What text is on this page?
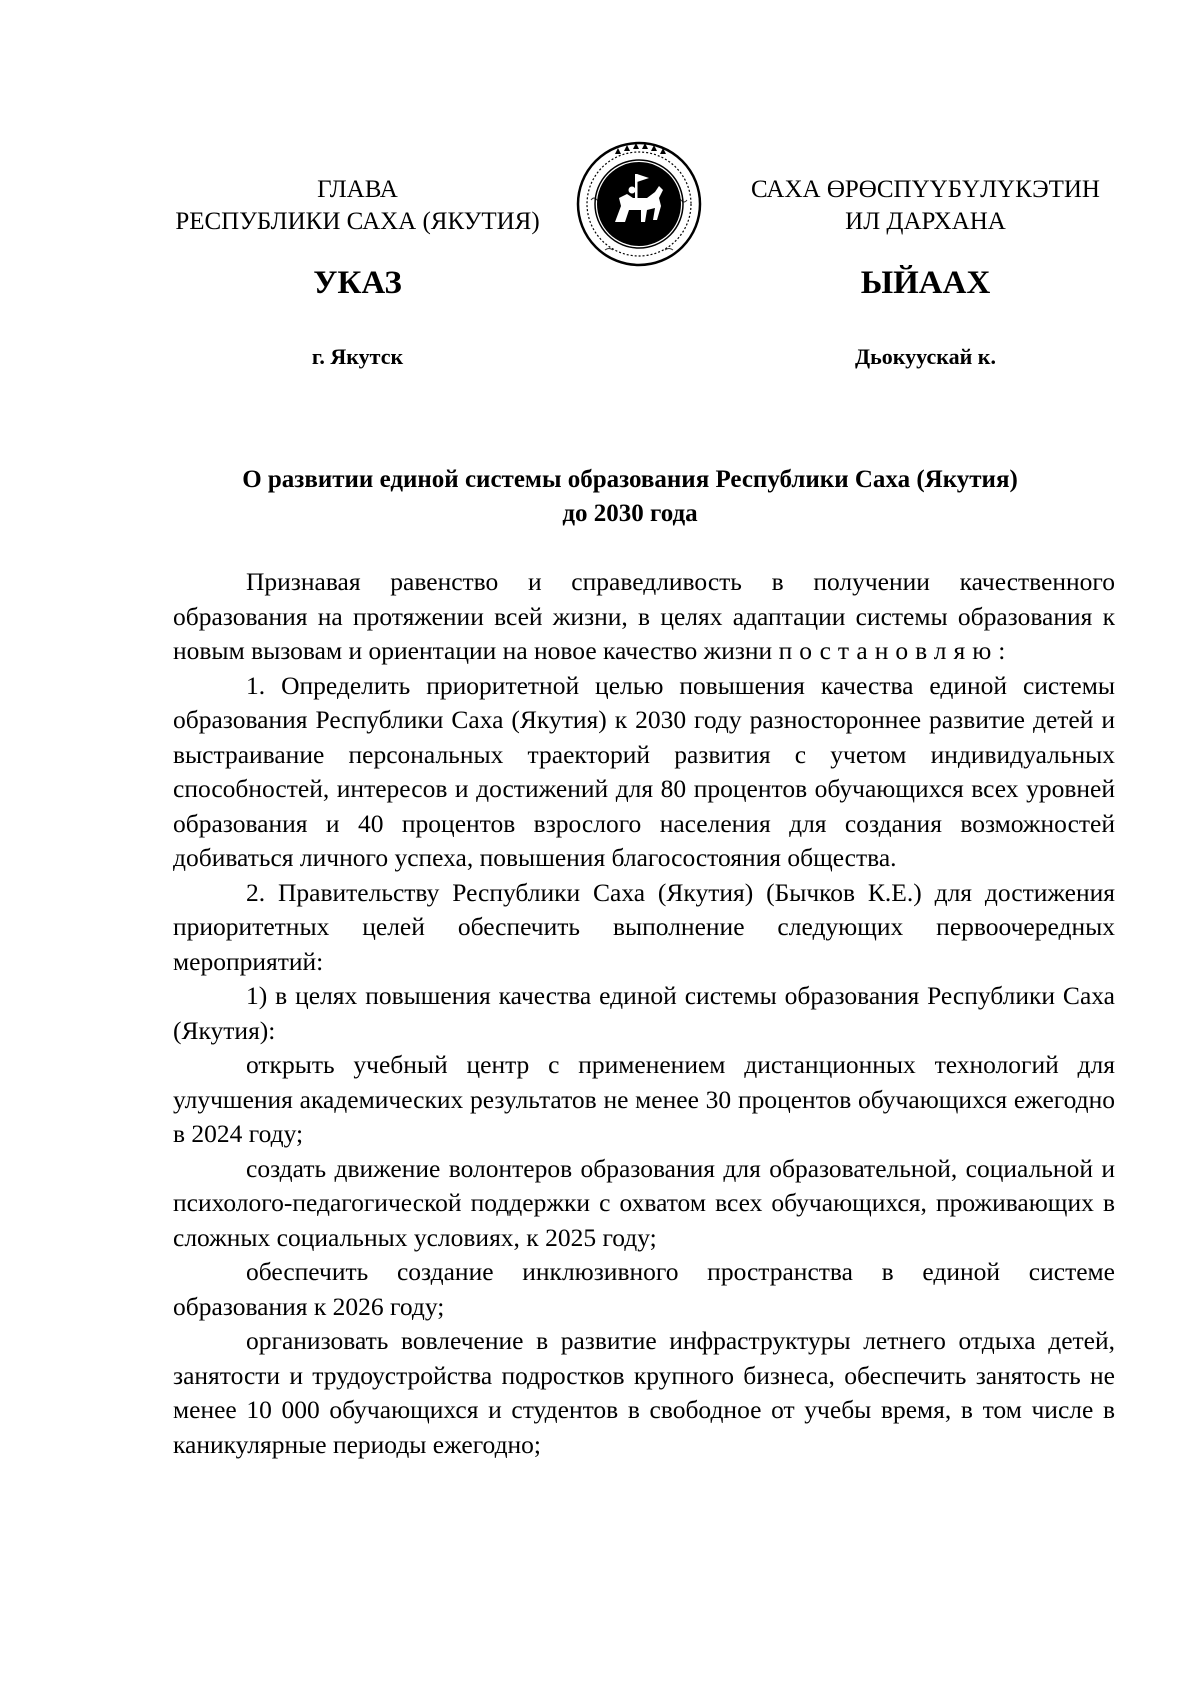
ГЛАВА
РЕСПУБЛИКИ САХА (ЯКУТИЯ)
САХА ӨРӨСПҮҮБҮЛҮКЭТИН
ИЛ ДАРХАНА
УКАЗ	ЫЙААХ
г. Якутск	Дьокуускай к.
О развитии единой системы образования Республики Саха (Якутия)
до 2030 года

Признавая равенство и справедливость в получении качественного образования на протяжении всей жизни, в целях адаптации системы образования к новым вызовам и ориентации на новое качество жизни постановляю:

1. Определить приоритетной целью повышения качества единой системы образования Республики Саха (Якутия) к 2030 году разностороннее развитие детей и выстраивание персональных траекторий развития с учетом индивидуальных способностей, интересов и достижений для 80 процентов обучающихся всех уровней образования и 40 процентов взрослого населения для создания возможностей добиваться личного успеха, повышения благосостояния общества.

2. Правительству Республики Саха (Якутия) (Бычков К.Е.) для достижения приоритетных целей обеспечить выполнение следующих первоочередных мероприятий:

1) в целях повышения качества единой системы образования Республики Саха (Якутия):

открыть учебный центр с применением дистанционных технологий для улучшения академических результатов не менее 30 процентов обучающихся ежегодно в 2024 году;

создать движение волонтеров образования для образовательной, социальной и психолого-педагогической поддержки с охватом всех обучающихся, проживающих в сложных социальных условиях, к 2025 году;

обеспечить создание инклюзивного пространства в единой системе образования к 2026 году;

организовать вовлечение в развитие инфраструктуры летнего отдыха детей, занятости и трудоустройства подростков крупного бизнеса, обеспечить занятость не менее 10 000 обучающихся и студентов в свободное от учебы время, в том числе в каникулярные периоды ежегодно;
